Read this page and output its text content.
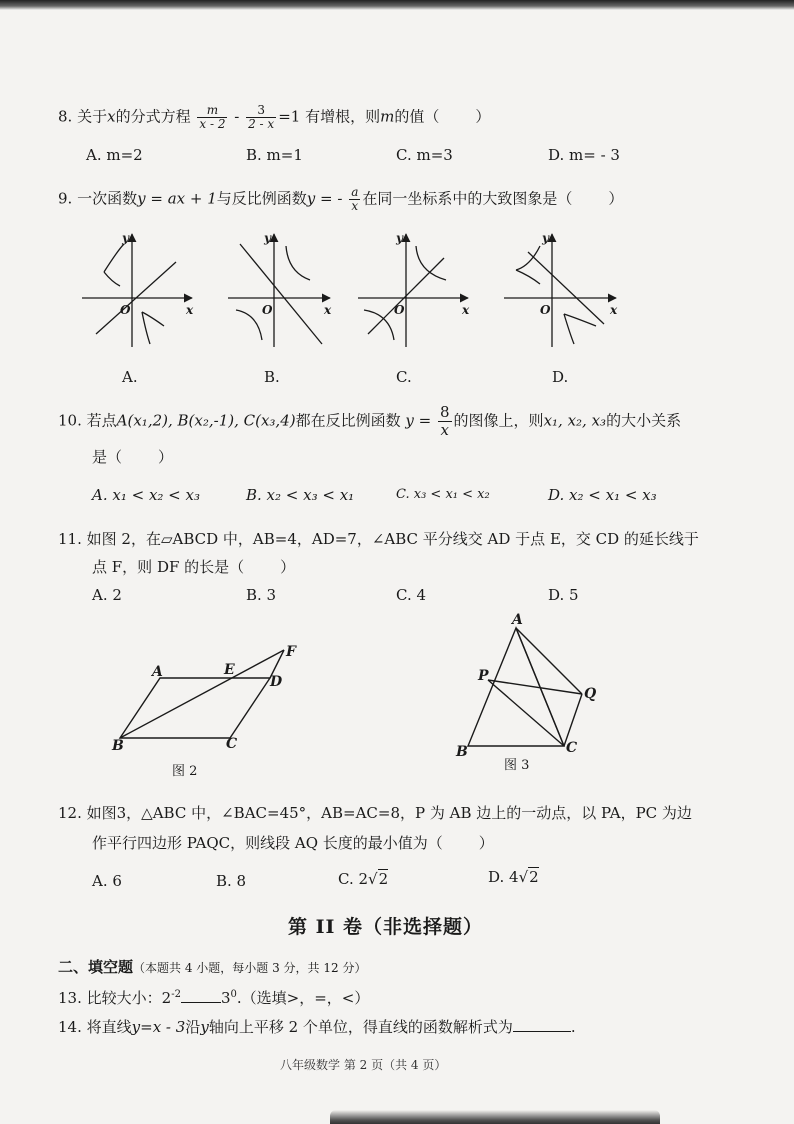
8. 关于x的分式方程 $\frac{m}{x - 2} - \frac{3}{2 - x} =1$ 有增根，则m的值（ ）
A. m=2	B. m=1	C. m=3	D. m= - 3
9. 一次函数y = ax + 1与反比例函数y = - $\frac{a}{x}$ 在同一坐标系中的大致图象是（ ）
y
x
O
y
x
O
y
x
O
y
x
O
A.	B.	C.	D.
10. 若点A(x₁,2), B(x₂,-1), C(x₃,4)都在反比例函数 $y = \frac{8}{x}$ 的图像上，则x₁, x₂, x₃的大小关系
是（ ）
A. x₁ < x₂ < x₃	B. x₂ < x₃ < x₁	C. x₃ < x₁ < x₂	D. x₂ < x₁ < x₃
11. 如图 2，在▱ABCD 中，AB=4，AD=7，∠ABC 平分线交 AD 于点 E，交 CD 的延长线于
点 F，则 DF 的长是（ ）
A. 2	B. 3	C. 4	D. 5
A
B	C
D
E
F
图 2
A
B	C
P
Q
图 3
12. 如图3，△ABC 中，∠BAC=45°，AB=AC=8，P 为 AB 边上的一动点，以 PA，PC 为边
作平行四边形 PAQC，则线段 AQ 长度的最小值为（ ）
A. 6	B. 8	C. 2√2	D. 4√2
第 II 卷（非选择题）
二、填空题（本题共 4 小题，每小题 3 分，共 12 分）
13. 比较大小：$2^{-2}$	$3^0$.（选填>，=，<）
14. 将直线y=x - 3沿y轴向上平移 2 个单位，得直线的函数解析式为	.
八年级数学 第 2 页（共 4 页）
